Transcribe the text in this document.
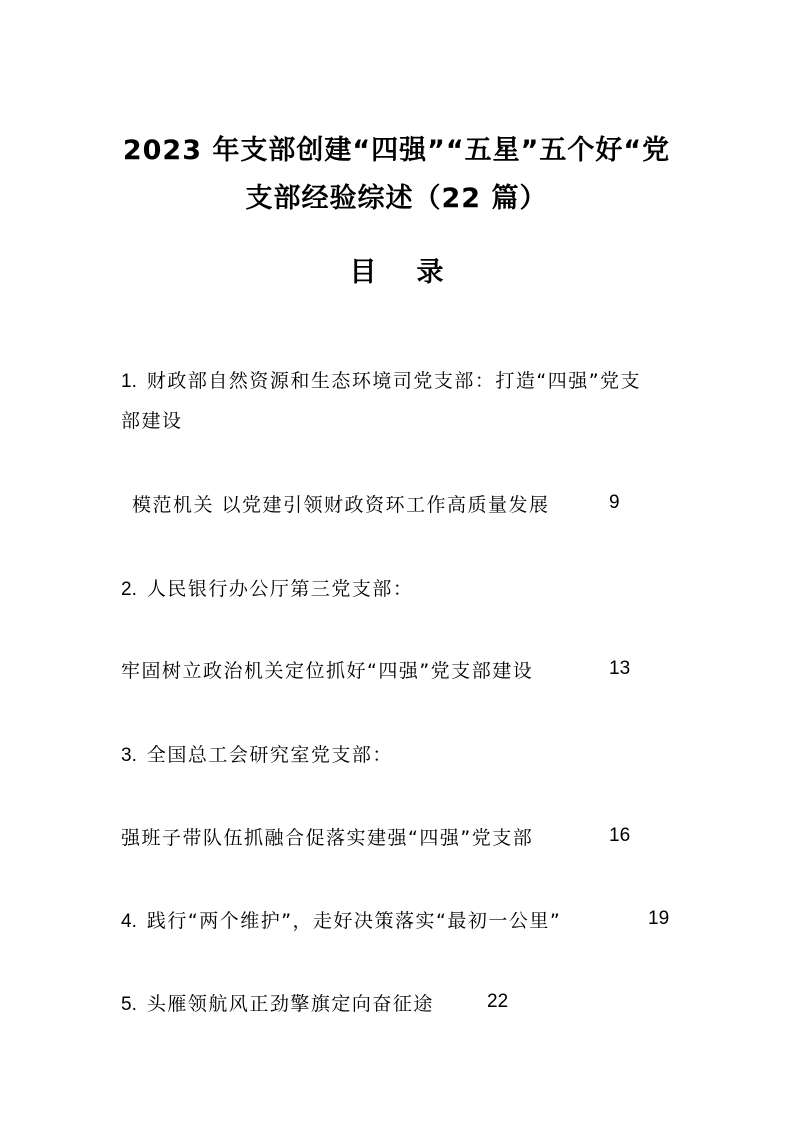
2023 年支部创建“四强”“五星”五个好“党
支部经验综述（22 篇）
目 录
1. 财政部自然资源和生态环境司党支部：打造“四强”党支
部建设
模范机关 以党建引领财政资环工作高质量发展	9
2. 人民银行办公厅第三党支部：
牢固树立政治机关定位抓好“四强”党支部建设	13
3. 全国总工会研究室党支部：
强班子带队伍抓融合促落实建强“四强”党支部	16
4. 践行“两个维护”，走好决策落实“最初一公里”	19
5. 头雁领航风正劲擎旗定向奋征途	22
